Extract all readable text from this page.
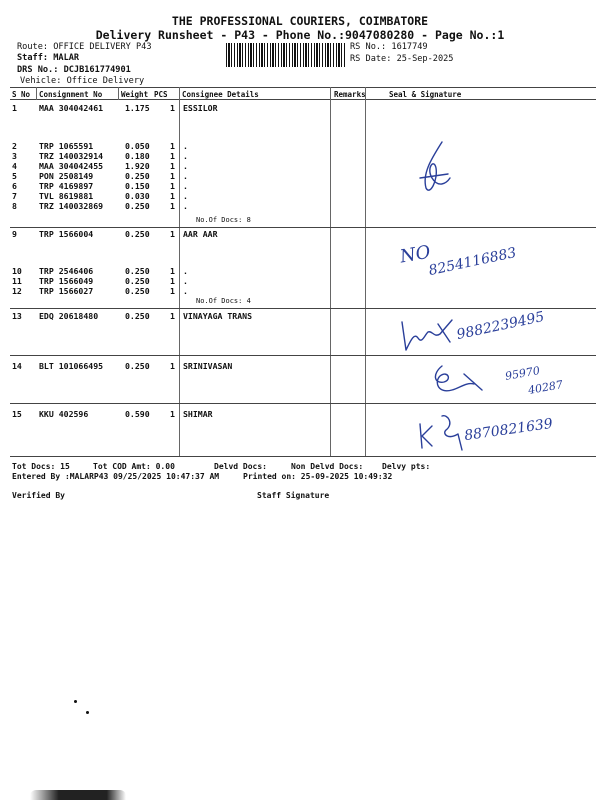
THE PROFESSIONAL COURIERS, COIMBATORE
Delivery Runsheet - P43 - Phone No.:9047080280 - Page No.:1
Route: OFFICE DELIVERY P43
Staff: MALAR
DRS No.: DCJB161774901
Vehicle: Office Delivery
RS No.: 1617749
RS Date: 25-Sep-2025
S No Consignment No	Weight PCS Consignee Details	Remarks	Seal & Signature
1	MAA 304042461	1.175 1 ESSILOR
2	TRP 1065591	0.050 1 .
3	TRZ 140032914	0.180 1 .
4	MAA 304042455	1.920 1 .
5	PON 2508149	0.250 1 .
6	TRP 4169897	0.150 1 .
7	TVL 8619881	0.030 1 .
8	TRZ 140032869	0.250 1 .
9	TRP 1566004	0.250 1 AAR AAR
10 TRP 2546406	0.250 1 .
11 TRP 1566049	0.250 1 .
12 TRP 1566027	0.250 1 .
13 EDQ 20618480	0.250 1 VINAYAGA TRANS
14 BLT 101066495	0.250 1 SRINIVASAN
15 KKU 402596	0.590 1 SHIMAR
No.Of Docs: 8
No.Of Docs: 4
NO
8254116883
9882239495
95970
40287
8870821639
Tot Docs: 15	Tot COD Amt: 0.00	Delvd Docs:	Non Delvd Docs: Delvy pts:
Entered By :MALARP43 09/25/2025 10:47:37 AM	Printed on: 25-09-2025 10:49:32
Verified By	Staff Signature
